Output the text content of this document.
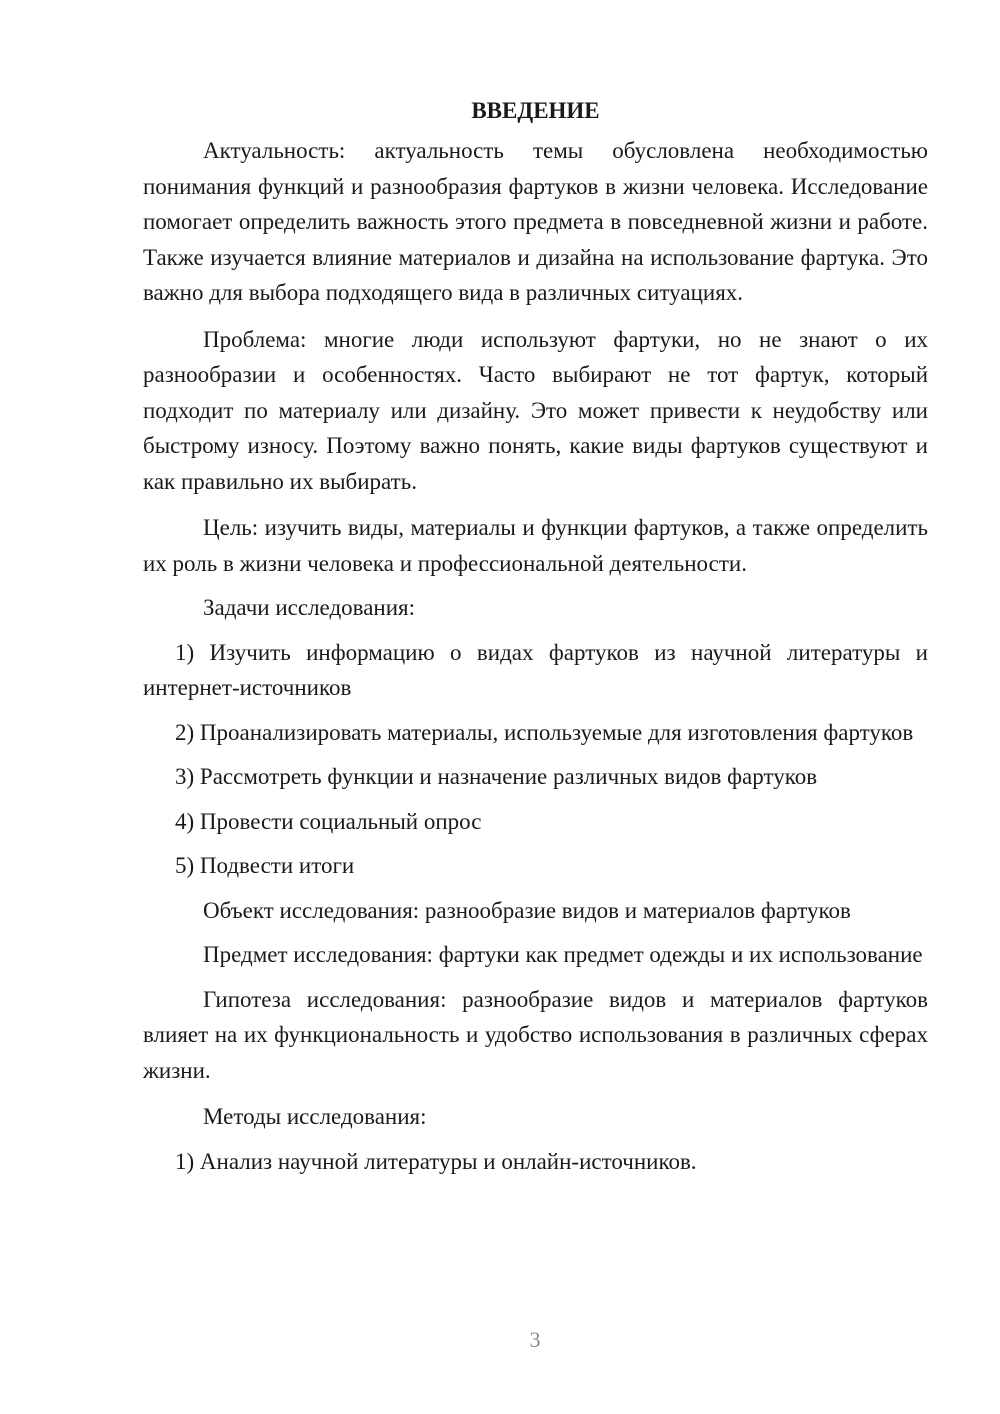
ВВЕДЕНИЕ

Актуальность: актуальность темы обусловлена необходимостью понимания функций и разнообразия фартуков в жизни человека. Исследование помогает определить важность этого предмета в повседневной жизни и работе. Также изучается влияние материалов и дизайна на использование фартука. Это важно для выбора подходящего вида в различных ситуациях.

Проблема: многие люди используют фартуки, но не знают о их разнообразии и особенностях. Часто выбирают не тот фартук, который подходит по материалу или дизайну. Это может привести к неудобству или быстрому износу. Поэтому важно понять, какие виды фартуков существуют и как правильно их выбирать.

Цель: изучить виды, материалы и функции фартуков, а также определить их роль в жизни человека и профессиональной деятельности.

Задачи исследования:

1) Изучить информацию о видах фартуков из научной литературы и интернет-источников

2) Проанализировать материалы, используемые для изготовления фартуков

3) Рассмотреть функции и назначение различных видов фартуков

4) Провести социальный опрос

5) Подвести итоги

Объект исследования: разнообразие видов и материалов фартуков

Предмет исследования: фартуки как предмет одежды и их использование

Гипотеза исследования: разнообразие видов и материалов фартуков влияет на их функциональность и удобство использования в различных сферах жизни.

Методы исследования:

1) Анализ научной литературы и онлайн-источников.

3
